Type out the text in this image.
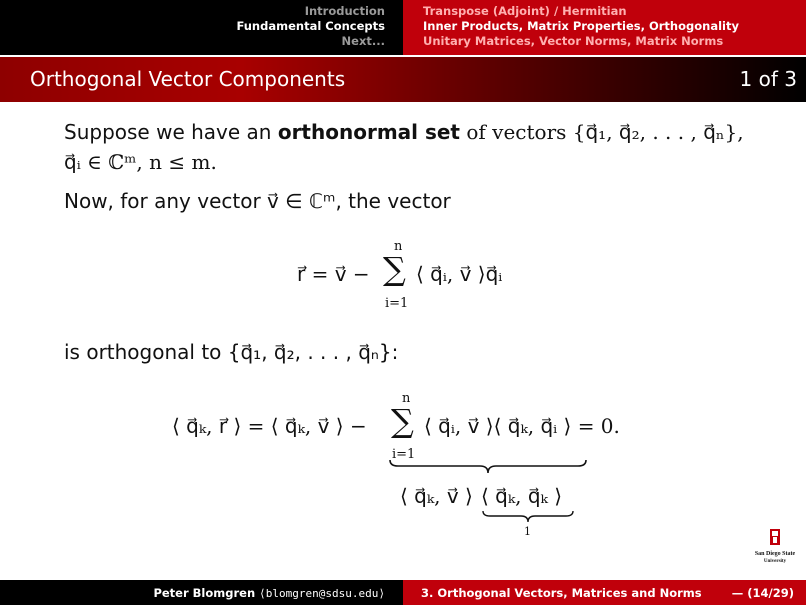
Introduction
Fundamental Concepts
Next...
Transpose (Adjoint) / Hermitian
Inner Products, Matrix Properties, Orthogonality
Unitary Matrices, Vector Norms, Matrix Norms
Orthogonal Vector Components	1 of 3
Suppose we have an orthonormal set of vectors {q⃗₁, q⃗₂, . . . , q⃗ₙ},
q⃗ᵢ ∈ ℂᵐ, n ≤ m.
Now, for any vector v⃗ ∈ ℂᵐ, the vector
r⃗ = v⃗ −
n
∑
i=1
⟨ q⃗ᵢ, v⃗ ⟩q⃗ᵢ
is orthogonal to {q⃗₁, q⃗₂, . . . , q⃗ₙ}:
⟨ q⃗ₖ, r⃗ ⟩ = ⟨ q⃗ₖ, v⃗ ⟩ −
n
∑
i=1
⟨ q⃗ᵢ, v⃗ ⟩⟨ q⃗ₖ, q⃗ᵢ ⟩ = 0.
⟨ q⃗ₖ, v⃗ ⟩ ⟨ q⃗ₖ, q⃗ₖ ⟩
1
San Diego State
University
Peter Blomgren ⟨blomgren@sdsu.edu⟩	3. Orthogonal Vectors, Matrices and Norms	— (14/29)
